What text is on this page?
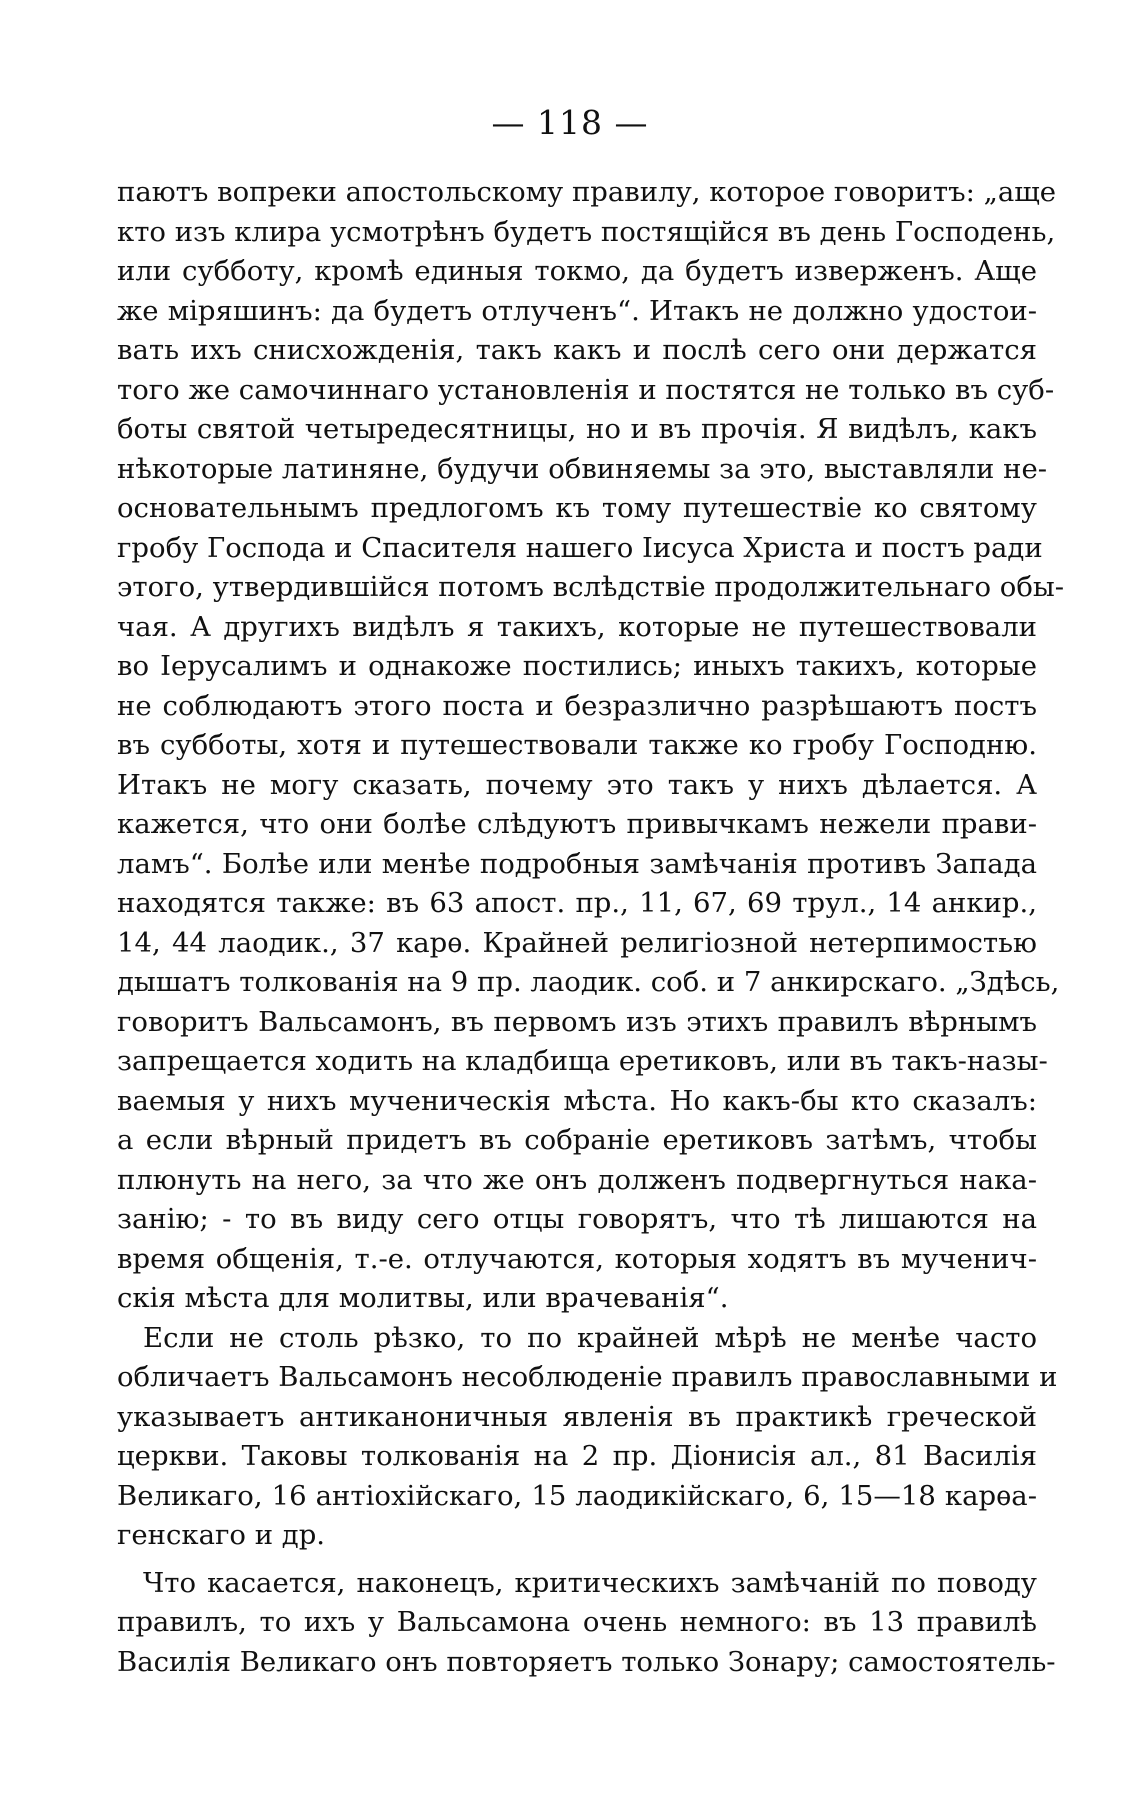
— 118 —
паютъ вопреки апостольскому правилу, которое говоритъ: „аще
кто изъ клира усмотрѣнъ будетъ постящійся въ день Господень,
или субботу, кромѣ единыя токмо, да будетъ изверженъ. Аще
же міряшинъ: да будетъ отлученъ“. Итакъ не должно удостои-
вать ихъ снисхожденія, такъ какъ и послѣ сего они держатся
того же самочиннаго установленія и постятся не только въ суб-
боты святой четыредесятницы, но и въ прочія. Я видѣлъ, какъ
нѣкоторые латиняне, будучи обвиняемы за это, выставляли не-
основательнымъ предлогомъ къ тому путешествіе ко святому
гробу Господа и Спасителя нашего Іисуса Христа и постъ ради
этого, утвердившійся потомъ вслѣдствіе продолжительнаго обы-
чая. А другихъ видѣлъ я такихъ, которые не путешествовали
во Іерусалимъ и однакоже постились; иныхъ такихъ, которые
не соблюдаютъ этого поста и безразлично разрѣшаютъ постъ
въ субботы, хотя и путешествовали также ко гробу Господню.
Итакъ не могу сказать, почему это такъ у нихъ дѣлается. А
кажется, что они болѣе слѣдуютъ привычкамъ нежели прави-
ламъ“. Болѣе или менѣе подробныя замѣчанія противъ Запада
находятся также: въ 63 апост. пр., 11, 67, 69 трул., 14 анкир.,
14, 44 лаодик., 37 карѳ. Крайней религіозной нетерпимостью
дышатъ толкованія на 9 пр. лаодик. соб. и 7 анкирскаго. „Здѣсь,
говоритъ Вальсамонъ, въ первомъ изъ этихъ правилъ вѣрнымъ
запрещается ходить на кладбища еретиковъ, или въ такъ-назы-
ваемыя у нихъ мученическія мѣста. Но какъ-бы кто сказалъ:
а если вѣрный придетъ въ собраніе еретиковъ затѣмъ, чтобы
плюнуть на него, за что же онъ долженъ подвергнуться нака-
занію; - то въ виду сего отцы говорятъ, что тѣ лишаются на
время общенія, т.-е. отлучаются, которыя ходятъ въ мученич-
скія мѣста для молитвы, или врачеванія“.
Если не столь рѣзко, то по крайней мѣрѣ не менѣе часто
обличаетъ Вальсамонъ несоблюденіе правилъ православными и
указываетъ антиканоничныя явленія въ практикѣ греческой
церкви. Таковы толкованія на 2 пр. Діонисія ал., 81 Василія
Великаго, 16 антіохійскаго, 15 лаодикійскаго, 6, 15—18 карѳа-
генскаго и др.
Что касается, наконецъ, критическихъ замѣчаній по поводу
правилъ, то ихъ у Вальсамона очень немного: въ 13 правилѣ
Василія Великаго онъ повторяетъ только Зонару; самостоятель-
